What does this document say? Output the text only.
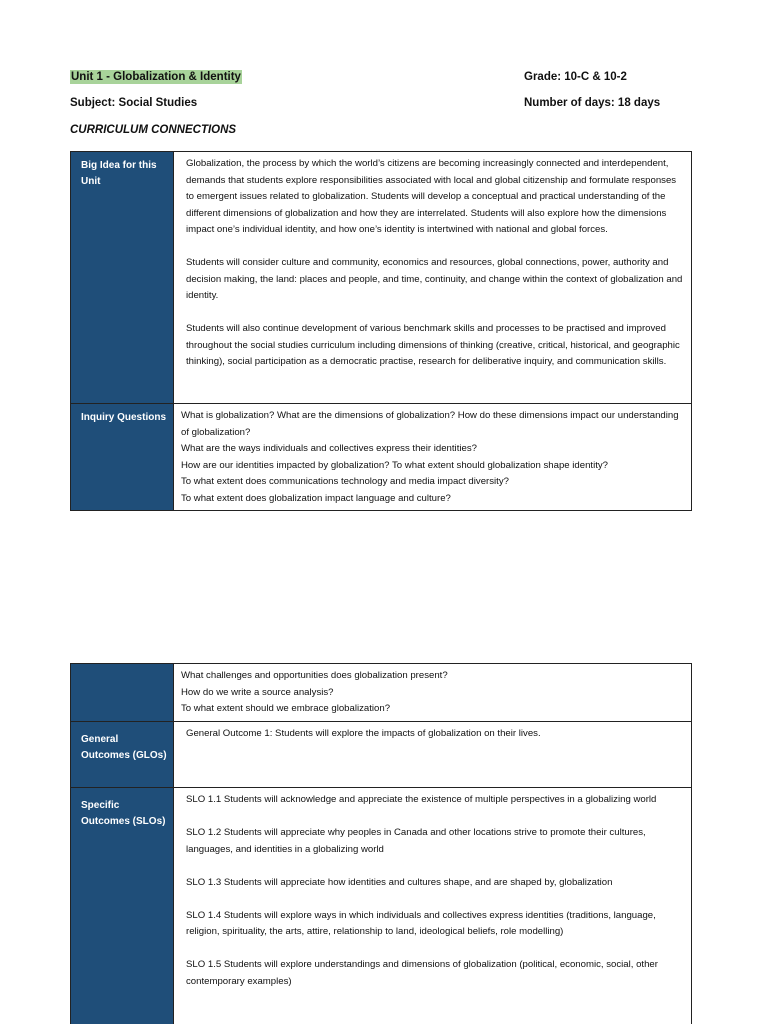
Unit 1 - Globalization & Identity	Grade: 10-C & 10-2
Subject: Social Studies	Number of days: 18 days
CURRICULUM CONNECTIONS
Big Idea for this Unit	Globalization, the process by which the world’s citizens are becoming increasingly connected and interdependent, demands that students explore responsibilities associated with local and global citizenship and formulate responses to emergent issues related to globalization. Students will develop a conceptual and practical understanding of the different dimensions of globalization and how they are interrelated. Students will also explore how the dimensions impact one’s individual identity, and how one’s identity is intertwined with national and global forces.
Students will consider culture and community, economics and resources, global connections, power, authority and decision making, the land: places and people, and time, continuity, and change within the context of globalization and identity.
Students will also continue development of various benchmark skills and processes to be practised and improved throughout the social studies curriculum including dimensions of thinking (creative, critical, historical, and geographic thinking), social participation as a democratic practise, research for deliberative inquiry, and communication skills.

Inquiry Questions	What is globalization? What are the dimensions of globalization? How do these dimensions impact our understanding of globalization?
What are the ways individuals and collectives express their identities?
How are our identities impacted by globalization? To what extent should globalization shape identity?
To what extent does communications technology and media impact diversity?
To what extent does globalization impact language and culture?

	What challenges and opportunities does globalization present?
How do we write a source analysis?
To what extent should we embrace globalization?

General Outcomes (GLOs)	General Outcome 1: Students will explore the impacts of globalization on their lives.

Specific Outcomes (SLOs)	SLO 1.1 Students will acknowledge and appreciate the existence of multiple perspectives in a globalizing world
SLO 1.2 Students will appreciate why peoples in Canada and other locations strive to promote their cultures, languages, and identities in a globalizing world
SLO 1.3 Students will appreciate how identities and cultures shape, and are shaped by, globalization
SLO 1.4 Students will explore ways in which individuals and collectives express identities (traditions, language, religion, spirituality, the arts, attire, relationship to land, ideological beliefs, role modelling)
SLO 1.5 Students will explore understandings and dimensions of globalization (political, economic, social, other contemporary examples)
